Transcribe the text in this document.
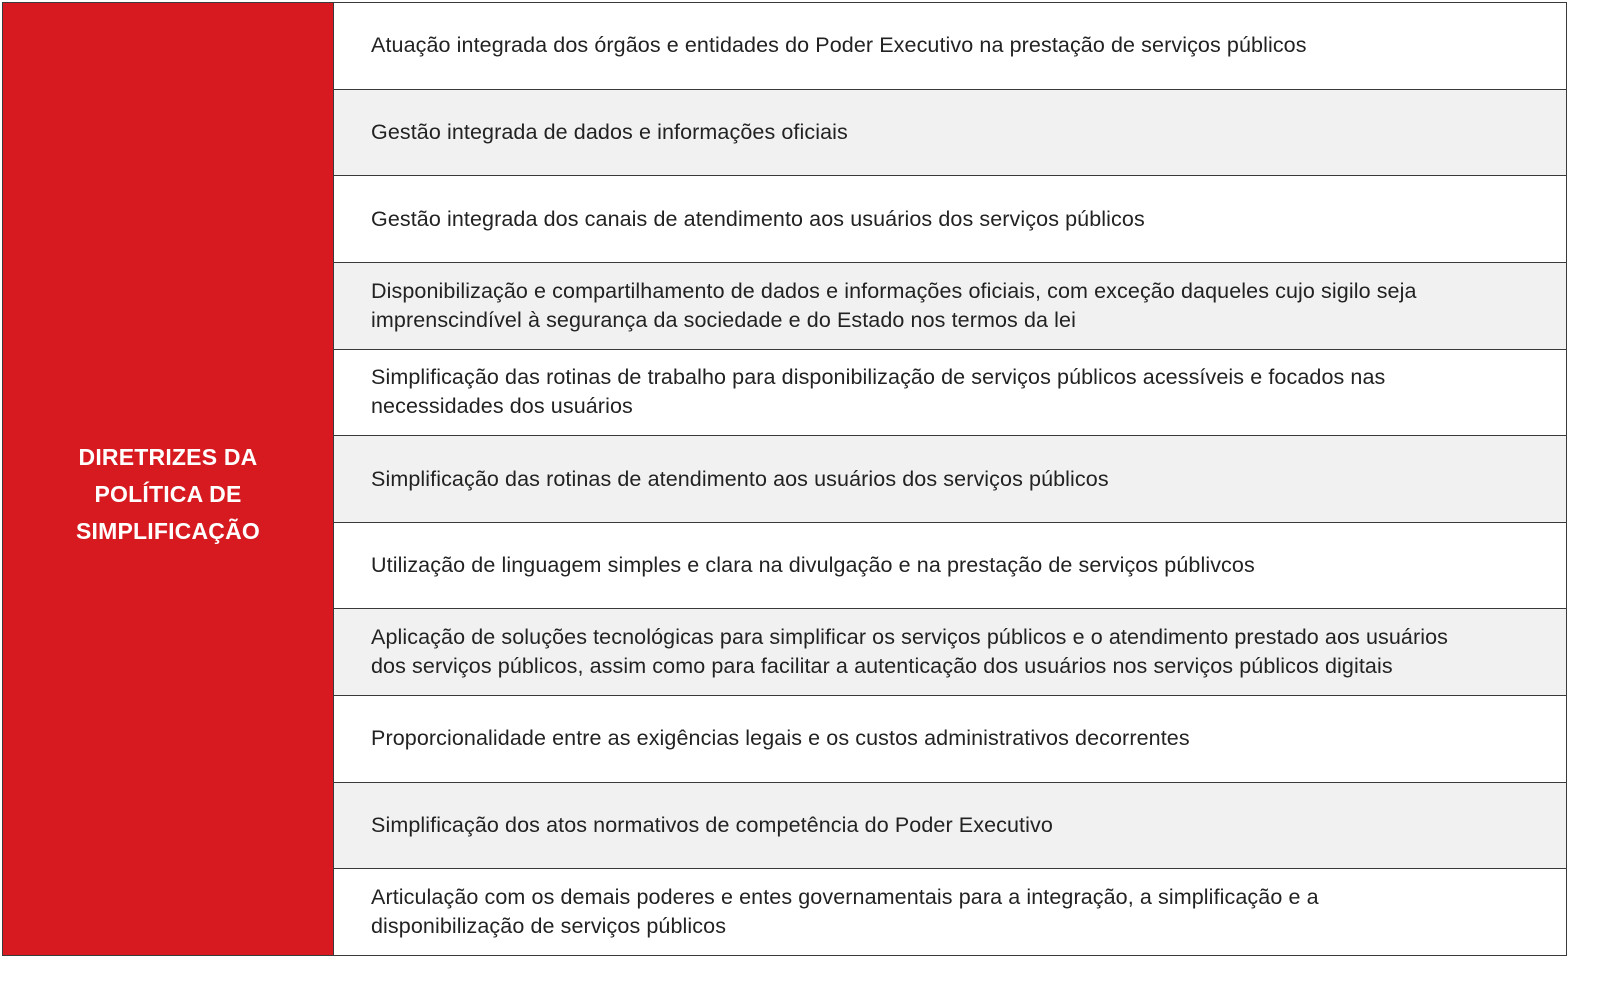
DIRETRIZES DA
POLÍTICA DE
SIMPLIFICAÇÃO
Atuação integrada dos órgãos e entidades do Poder Executivo na prestação de serviços públicos
Gestão integrada de dados e informações oficiais
Gestão integrada dos canais de atendimento aos usuários dos serviços públicos
Disponibilização e compartilhamento de dados e informações oficiais, com exceção daqueles cujo sigilo seja
imprenscindível à segurança da sociedade e do Estado nos termos da lei
Simplificação das rotinas de trabalho para disponibilização de serviços públicos acessíveis e focados nas
necessidades dos usuários
Simplificação das rotinas de atendimento aos usuários dos serviços públicos
Utilização de linguagem simples e clara na divulgação e na prestação de serviços públivcos
Aplicação de soluções tecnológicas para simplificar os serviços públicos e o atendimento prestado aos usuários
dos serviços públicos, assim como para facilitar a autenticação dos usuários nos serviços públicos digitais
Proporcionalidade entre as exigências legais e os custos administrativos decorrentes
Simplificação dos atos normativos de competência do Poder Executivo
Articulação com os demais poderes e entes governamentais para a integração, a simplificação e a
disponibilização de serviços públicos
